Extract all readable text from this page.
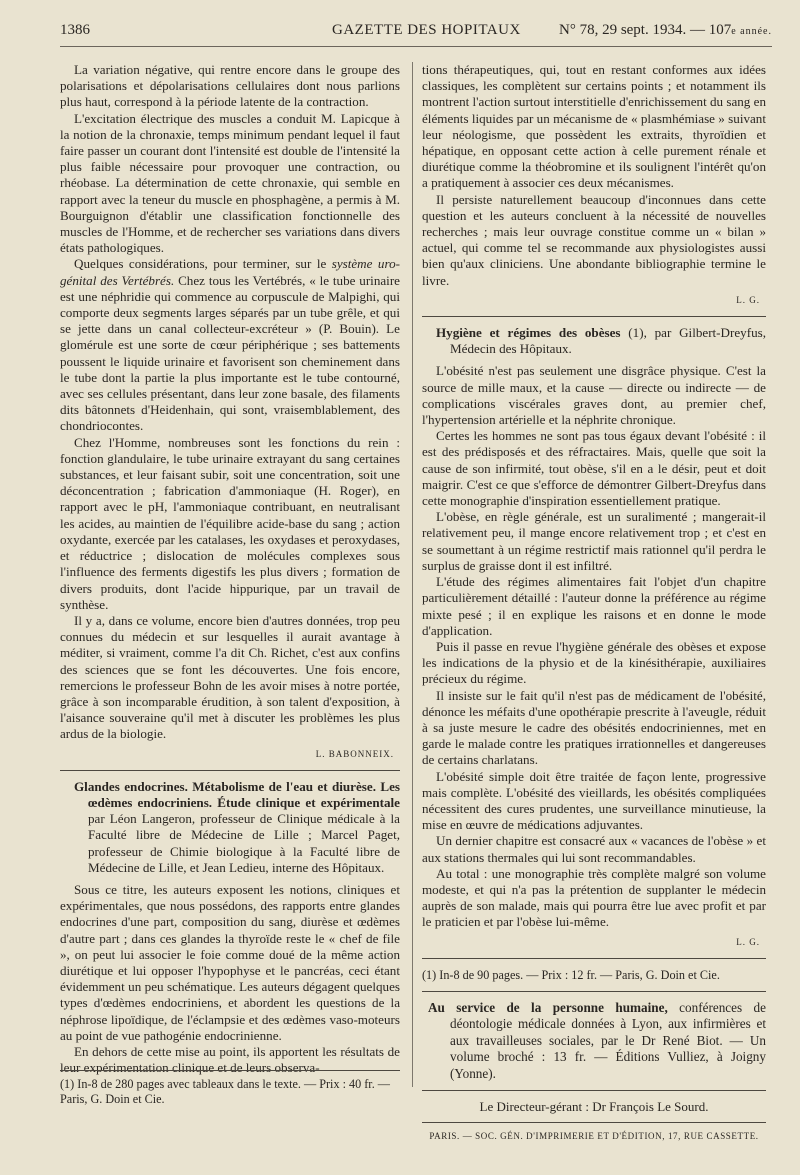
1386	GAZETTE DES HOPITAUX	N° 78, 29 sept. 1934. — 107e année.

La variation négative, qui rentre encore dans le groupe des polarisations et dépolarisations cellulaires dont nous parlions plus haut, correspond à la période latente de la contraction.

L'excitation électrique des muscles a conduit M. Lapicque à la notion de la chronaxie, temps minimum pendant lequel il faut faire passer un courant dont l'intensité est double de l'intensité la plus faible nécessaire pour provoquer une contraction, ou rhéobase. La détermination de cette chronaxie, qui semble en rapport avec la teneur du muscle en phosphagène, a permis à M. Bourguignon d'établir une classification fonctionnelle des muscles de l'Homme, et de rechercher ses variations dans divers états pathologiques.

Quelques considérations, pour terminer, sur le système uro-génital des Vertébrés. Chez tous les Vertébrés, « le tube urinaire est une néphridie qui commence au corpuscule de Malpighi, qui comporte deux segments larges séparés par un tube grêle, et qui se jette dans un canal collecteur-excréteur » (P. Bouin). Le glomérule est une sorte de cœur périphérique ; ses battements poussent le liquide urinaire et favorisent son cheminement dans le tube dont la partie la plus importante est le tube contourné, avec ses cellules présentant, dans leur zone basale, des filaments dits bâtonnets d'Heidenhain, qui sont, vraisemblablement, des chondriocontes.

Chez l'Homme, nombreuses sont les fonctions du rein : fonction glandulaire, le tube urinaire extrayant du sang certaines substances, et leur faisant subir, soit une concentration, soit une déconcentration ; fabrication d'ammoniaque (H. Roger), en rapport avec le pH, l'ammoniaque contribuant, en neutralisant les acides, au maintien de l'équilibre acide-base du sang ; action oxydante, exercée par les catalases, les oxydases et peroxydases, et réductrice ; dislocation de molécules complexes sous l'influence des ferments digestifs les plus divers ; formation de divers produits, dont l'acide hippurique, par un travail de synthèse.

Il y a, dans ce volume, encore bien d'autres données, trop peu connues du médecin et sur lesquelles il aurait avantage à méditer, si vraiment, comme l'a dit Ch. Richet, c'est aux confins des sciences que se font les découvertes. Une fois encore, remercions le professeur Bohn de les avoir mises à notre portée, grâce à son incomparable érudition, à son talent d'exposition, à l'aisance souveraine qu'il met à discuter les problèmes les plus ardus de la biologie.

L. BABONNEIX.

Glandes endocrines. Métabolisme de l'eau et diurèse. Les œdèmes endocriniens. Étude clinique et expérimentale par Léon Langeron, professeur de Clinique médicale à la Faculté libre de Médecine de Lille ; Marcel Paget, professeur de Chimie biologique à la Faculté libre de Médecine de Lille, et Jean Ledieu, interne des Hôpitaux.

Sous ce titre, les auteurs exposent les notions, cliniques et expérimentales, que nous possédons, des rapports entre glandes endocrines d'une part, composition du sang, diurèse et œdèmes d'autre part ; dans ces glandes la thyroïde reste le « chef de file », on peut lui associer le foie comme doué de la même action diurétique et lui opposer l'hypophyse et le pancréas, ceci étant évidemment un peu schématique. Les auteurs dégagent quelques types d'œdèmes endocriniens, et abordent les questions de la néphrose lipoïdique, de l'éclampsie et des œdèmes vaso-moteurs au point de vue pathogénie endocrinienne.

En dehors de cette mise au point, ils apportent les résultats de leur expérimentation clinique et de leurs observa-

(1) In-8 de 280 pages avec tableaux dans le texte. — Prix : 40 fr. — Paris, G. Doin et Cie.

tions thérapeutiques, qui, tout en restant conformes aux idées classiques, les complètent sur certains points ; et notamment ils montrent l'action surtout interstitielle d'enrichissement du sang en éléments liquides par un mécanisme de « plasmhémiase » suivant leur néologisme, que possèdent les extraits, thyroïdien et hépatique, en opposant cette action à celle purement rénale et diurétique comme la théobromine et ils soulignent l'intérêt qu'on a pratiquement à associer ces deux mécanismes.

Il persiste naturellement beaucoup d'inconnues dans cette question et les auteurs concluent à la nécessité de nouvelles recherches ; mais leur ouvrage constitue comme un « bilan » actuel, qui comme tel se recommande aux physiologistes aussi bien qu'aux cliniciens. Une abondante bibliographie termine le livre.

L. G.

Hygiène et régimes des obèses (1), par Gilbert-Dreyfus, Médecin des Hôpitaux.

L'obésité n'est pas seulement une disgrâce physique. C'est la source de mille maux, et la cause — directe ou indirecte — de complications viscérales graves dont, au premier chef, l'hypertension artérielle et la néphrite chronique.

Certes les hommes ne sont pas tous égaux devant l'obésité : il est des prédisposés et des réfractaires. Mais, quelle que soit la cause de son infirmité, tout obèse, s'il en a le désir, peut et doit maigrir. C'est ce que s'efforce de démontrer Gilbert-Dreyfus dans cette monographie d'inspiration essentiellement pratique.

L'obèse, en règle générale, est un suralimenté ; mangerait-il relativement peu, il mange encore relativement trop ; et c'est en se soumettant à un régime restrictif mais rationnel qu'il perdra le surplus de graisse dont il est infiltré.

L'étude des régimes alimentaires fait l'objet d'un chapitre particulièrement détaillé : l'auteur donne la préférence au régime mixte pesé ; il en explique les raisons et en donne le mode d'application.

Puis il passe en revue l'hygiène générale des obèses et expose les indications de la physio et de la kinésithérapie, auxiliaires précieux du régime.

Il insiste sur le fait qu'il n'est pas de médicament de l'obésité, dénonce les méfaits d'une opothérapie prescrite à l'aveugle, réduit à sa juste mesure le cadre des obésités endocriniennes, met en garde le malade contre les pratiques irrationnelles et dangereuses de certains charlatans.

L'obésité simple doit être traitée de façon lente, progressive mais complète. L'obésité des vieillards, les obésités compliquées nécessitent des cures prudentes, une surveillance minutieuse, la mise en œuvre de médications adjuvantes.

Un dernier chapitre est consacré aux « vacances de l'obèse » et aux stations thermales qui lui sont recommandables.

Au total : une monographie très complète malgré son volume modeste, et qui n'a pas la prétention de supplanter le médecin auprès de son malade, mais qui pourra être lue avec profit et par le praticien et par l'obèse lui-même.

L. G.

(1) In-8 de 90 pages. — Prix : 12 fr. — Paris, G. Doin et Cie.

Au service de la personne humaine, conférences de déontologie médicale données à Lyon, aux infirmières et aux travailleuses sociales, par le Dr René Biot. — Un volume broché : 13 fr. — Éditions Vulliez, à Joigny (Yonne).

Le Directeur-gérant : Dr François Le Sourd.
PARIS. — SOC. GÉN. D'IMPRIMERIE ET D'ÉDITION, 17, RUE CASSETTE.
